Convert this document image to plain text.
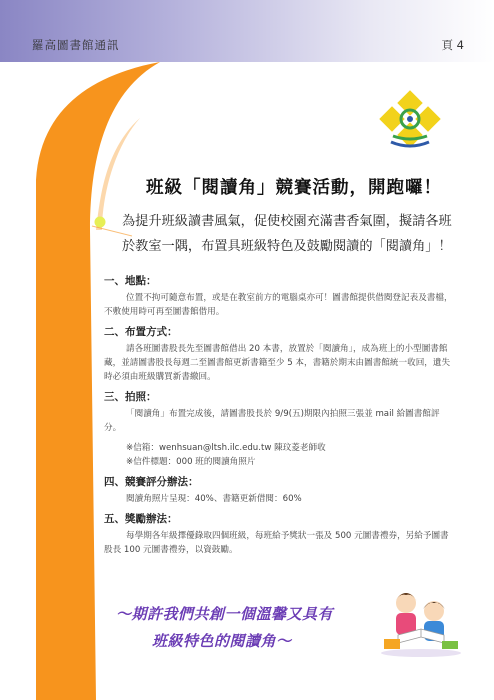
羅高圖書館通訊	頁 4
班級「閱讀角」競賽活動，開跑囉！
為提升班級讀書風氣，促使校園充滿書香氣圍，擬請各班
於教室一隅，布置具班級特色及鼓勵閱讀的「閱讀角」！

一、地點：

位置不拘可隨意布置，或是在教室前方的電腦桌亦可！圖書館提供借閱登記表及書檔，不敷使用時可再至圖書館借用。

二、布置方式：

請各班圖書股長先至圖書館借出 20 本書，放置於「閱讀角」，成為班上的小型圖書館藏，並請圖書股長每週二至圖書館更新書籍至少 5 本，書籍於期末由圖書館統一收回，遺失時必須由班級購買新書繳回。

三、拍照：

「閱讀角」布置完成後，請圖書股長於 9/9(五)期限內拍照三張並 mail 給圖書館評分。

※信箱：wenhsuan@ltsh.ilc.edu.tw 陳玟菱老師收

※信件標題：000 班的閱讀角照片

四、競賽評分辦法：

閱讀角照片呈現：40%、書籍更新借閱：60%

五、獎勵辦法：

每學期各年級擇優錄取四個班級，每班給予獎狀一張及 500 元圖書禮券，另給予圖書股長 100 元圖書禮券，以資鼓勵。

～期許我們共創一個溫馨又具有
班級特色的閱讀角～
